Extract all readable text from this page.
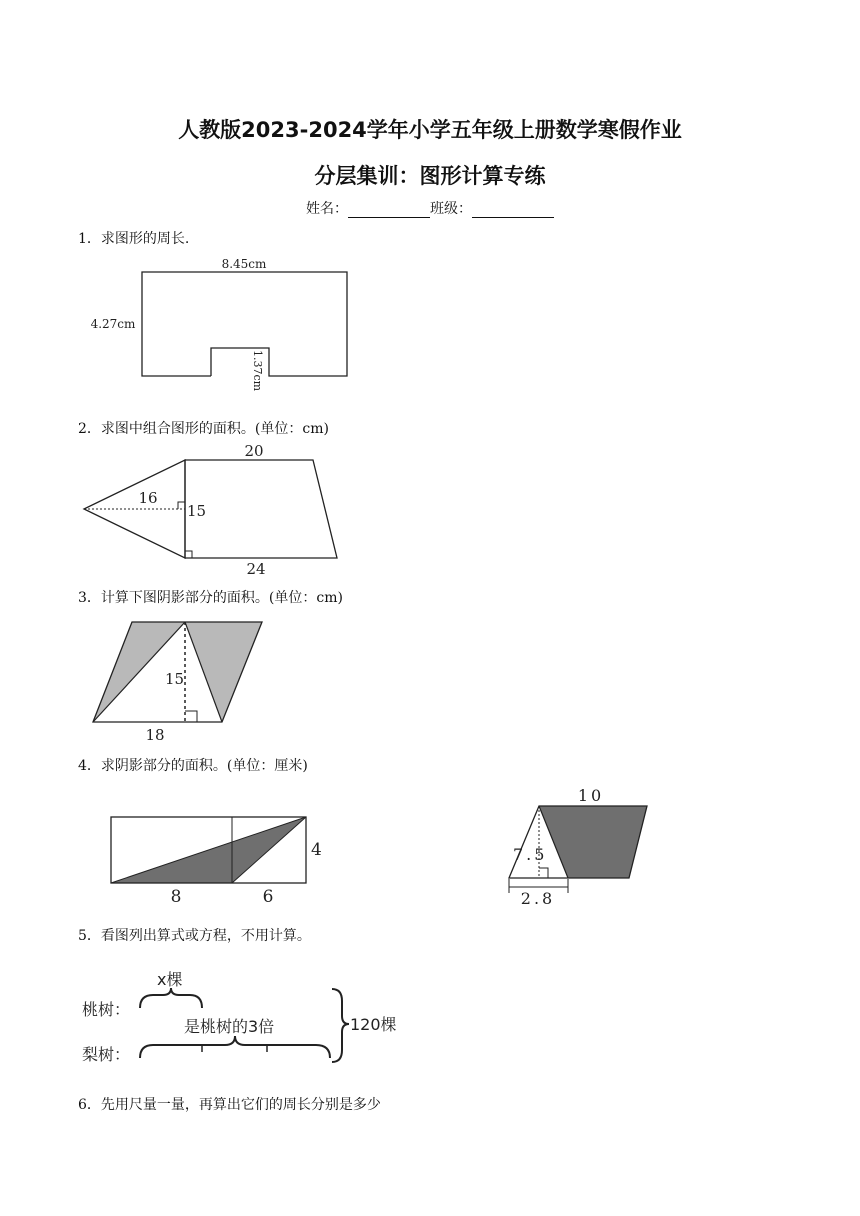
人教版2023-2024学年小学五年级上册数学寒假作业
分层集训：图形计算专练
姓名：	班级：
1．求图形的周长.
2．求图中组合图形的面积。(单位：cm)
3．计算下图阴影部分的面积。(单位：cm)
4．求阴影部分的面积。(单位：厘米)
5．看图列出算式或方程，不用计算。
6．先用尺量一量，再算出它们的周长分别是多少
8.45cm
4.27cm
1.37cm
20
16
15
24
15
18
8	6
4
10
7.5
2.8
x棵
桃树：
梨树：
是桃树的3倍	120棵
